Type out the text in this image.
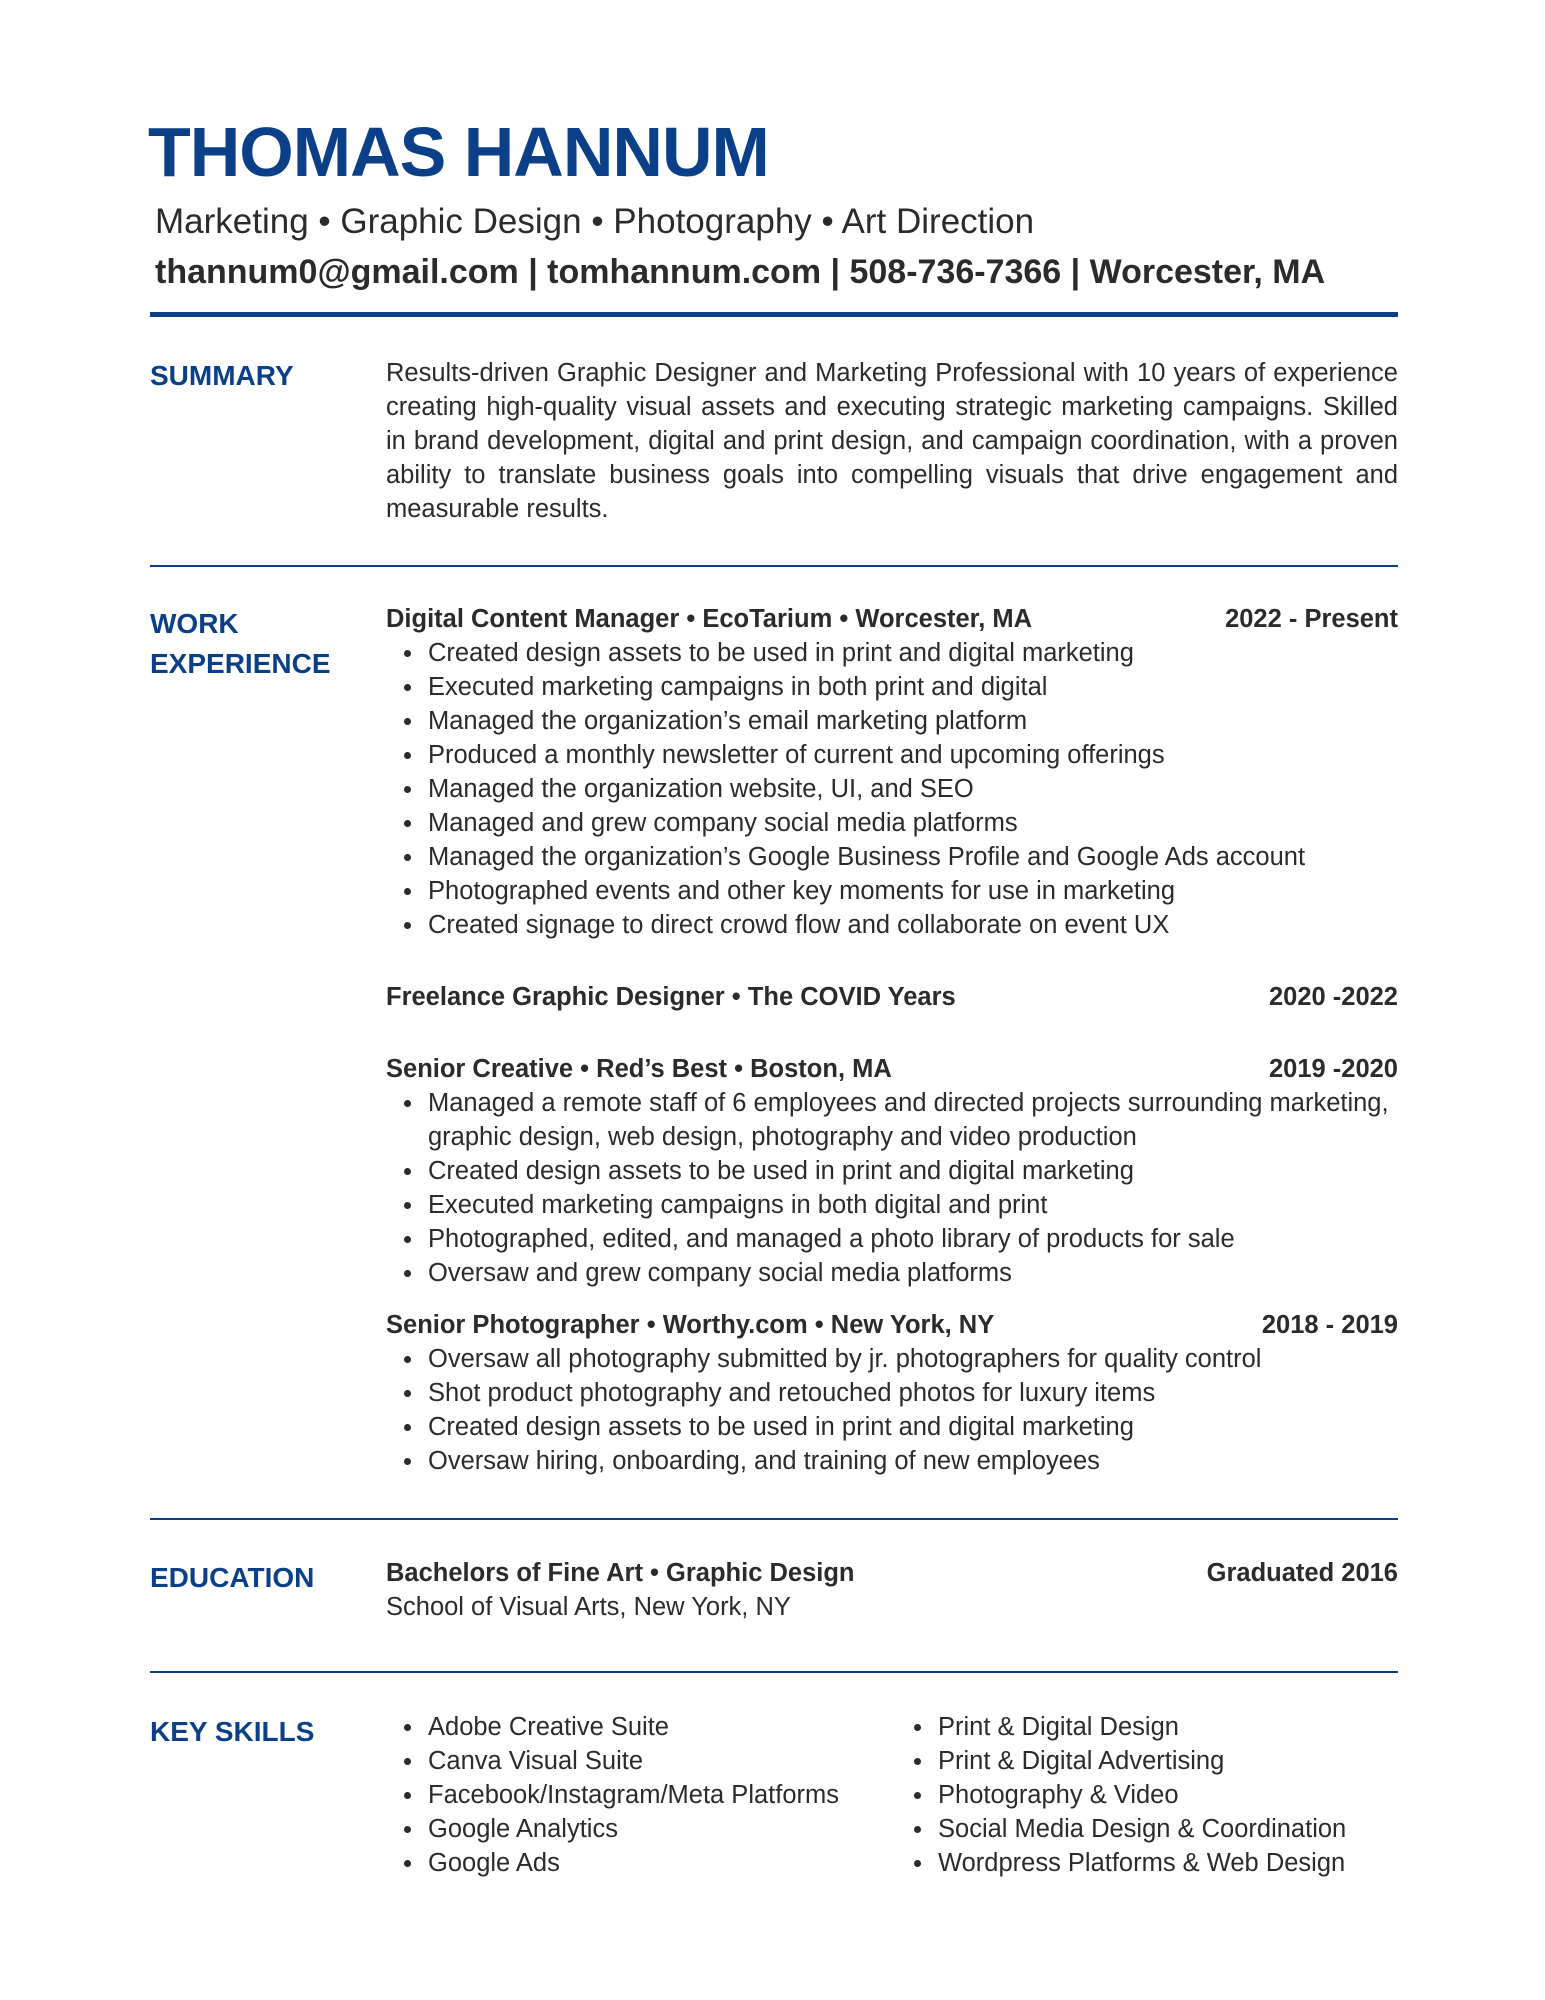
THOMAS HANNUM
Marketing • Graphic Design • Photography • Art Direction
thannum0@gmail.com | tomhannum.com | 508-736-7366 | Worcester, MA
SUMMARY	Results-driven Graphic Designer and Marketing Professional with 10 years of experience creating high-quality visual assets and executing strategic marketing campaigns. Skilled in brand development, digital and print design, and campaign coordination, with a proven ability to translate business goals into compelling visuals that drive engagement and measurable results.

WORK
EXPERIENCE
Digital Content Manager • EcoTarium • Worcester, MA	2022 - Present
Created design assets to be used in print and digital marketing
Executed marketing campaigns in both print and digital
Managed the organization’s email marketing platform
Produced a monthly newsletter of current and upcoming offerings
Managed the organization website, UI, and SEO
Managed and grew company social media platforms
Managed the organization’s Google Business Profile and Google Ads account
Photographed events and other key moments for use in marketing
Created signage to direct crowd flow and collaborate on event UX
Freelance Graphic Designer • The COVID Years	2020 -2022
Senior Creative • Red’s Best • Boston, MA	2019 -2020
Managed a remote staff of 6 employees and directed projects surrounding marketing, graphic design, web design, photography and video production
Created design assets to be used in print and digital marketing
Executed marketing campaigns in both digital and print
Photographed, edited, and managed a photo library of products for sale
Oversaw and grew company social media platforms
Senior Photographer • Worthy.com • New York, NY	2018 - 2019
Oversaw all photography submitted by jr. photographers for quality control
Shot product photography and retouched photos for luxury items
Created design assets to be used in print and digital marketing
Oversaw hiring, onboarding, and training of new employees
EDUCATION	Bachelors of Fine Art • Graphic Design	Graduated 2016
School of Visual Arts, New York, NY
KEY SKILLS	Adobe Creative Suite
Canva Visual Suite
Facebook/Instagram/Meta Platforms
Google Analytics
Google Ads
Print & Digital Design
Print & Digital Advertising
Photography & Video
Social Media Design & Coordination
Wordpress Platforms & Web Design
